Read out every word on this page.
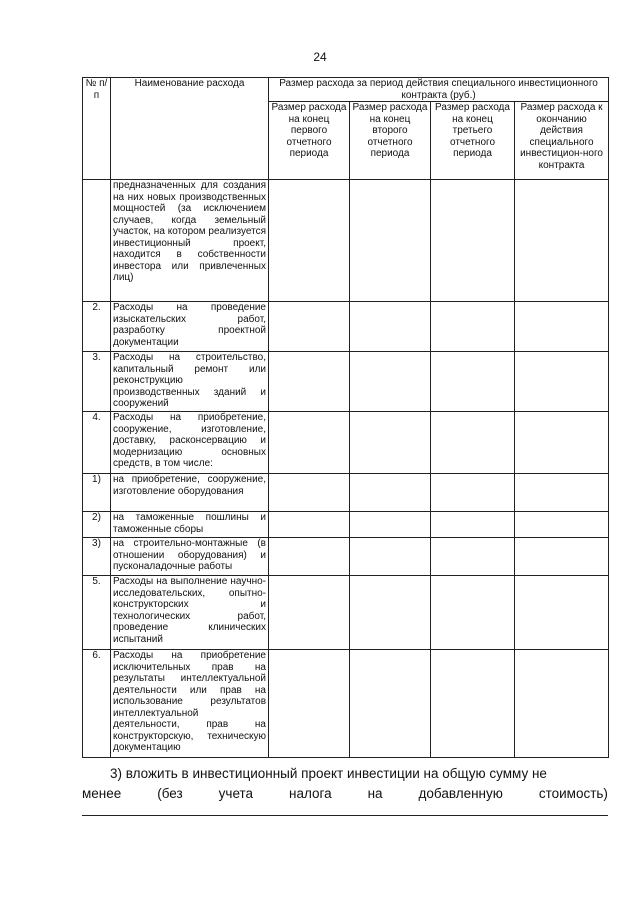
24
№ п/п	Наименование расхода	Размер расхода за период действия специального инвестиционного контракта (руб.)			
		Размер расхода на конец первого отчетного периода	Размер расхода на конец второго отчетного периода	Размер расхода на конец третьего отчетного периода	Размер расхода к окончанию действия специального инвестицион-ного контракта
	предназначенных для создания на них новых производственных мощностей (за исключением случаев, когда земельный участок, на котором реализуется инвестиционный проект, находится в собственности инвестора или привлеченных лиц)				
2.	Расходы на проведение изыскательских работ, разработку проектной документации				
3.	Расходы на строительство, капитальный ремонт или реконструкцию производственных зданий и сооружений				
4.	Расходы на приобретение, сооружение, изготовление, доставку, расконсервацию и модернизацию основных средств, в том числе:				
1)	на приобретение, сооружение, изготовление оборудования				
2)	на таможенные пошлины и таможенные сборы				
3)	на строительно-монтажные (в отношении оборудования) и пусконаладочные работы				
5.	Расходы на выполнение научно-исследовательских, опытно-конструкторских и технологических работ, проведение клинических испытаний				
6.	Расходы на приобретение исключительных прав на результаты интеллектуальной деятельности или прав на использование результатов интеллектуальной деятельности, прав на конструкторскую, техническую документацию				
3) вложить в инвестиционный проект инвестиции на общую сумму не
менее	(без	учета	налога	на	добавленную	стоимость)
